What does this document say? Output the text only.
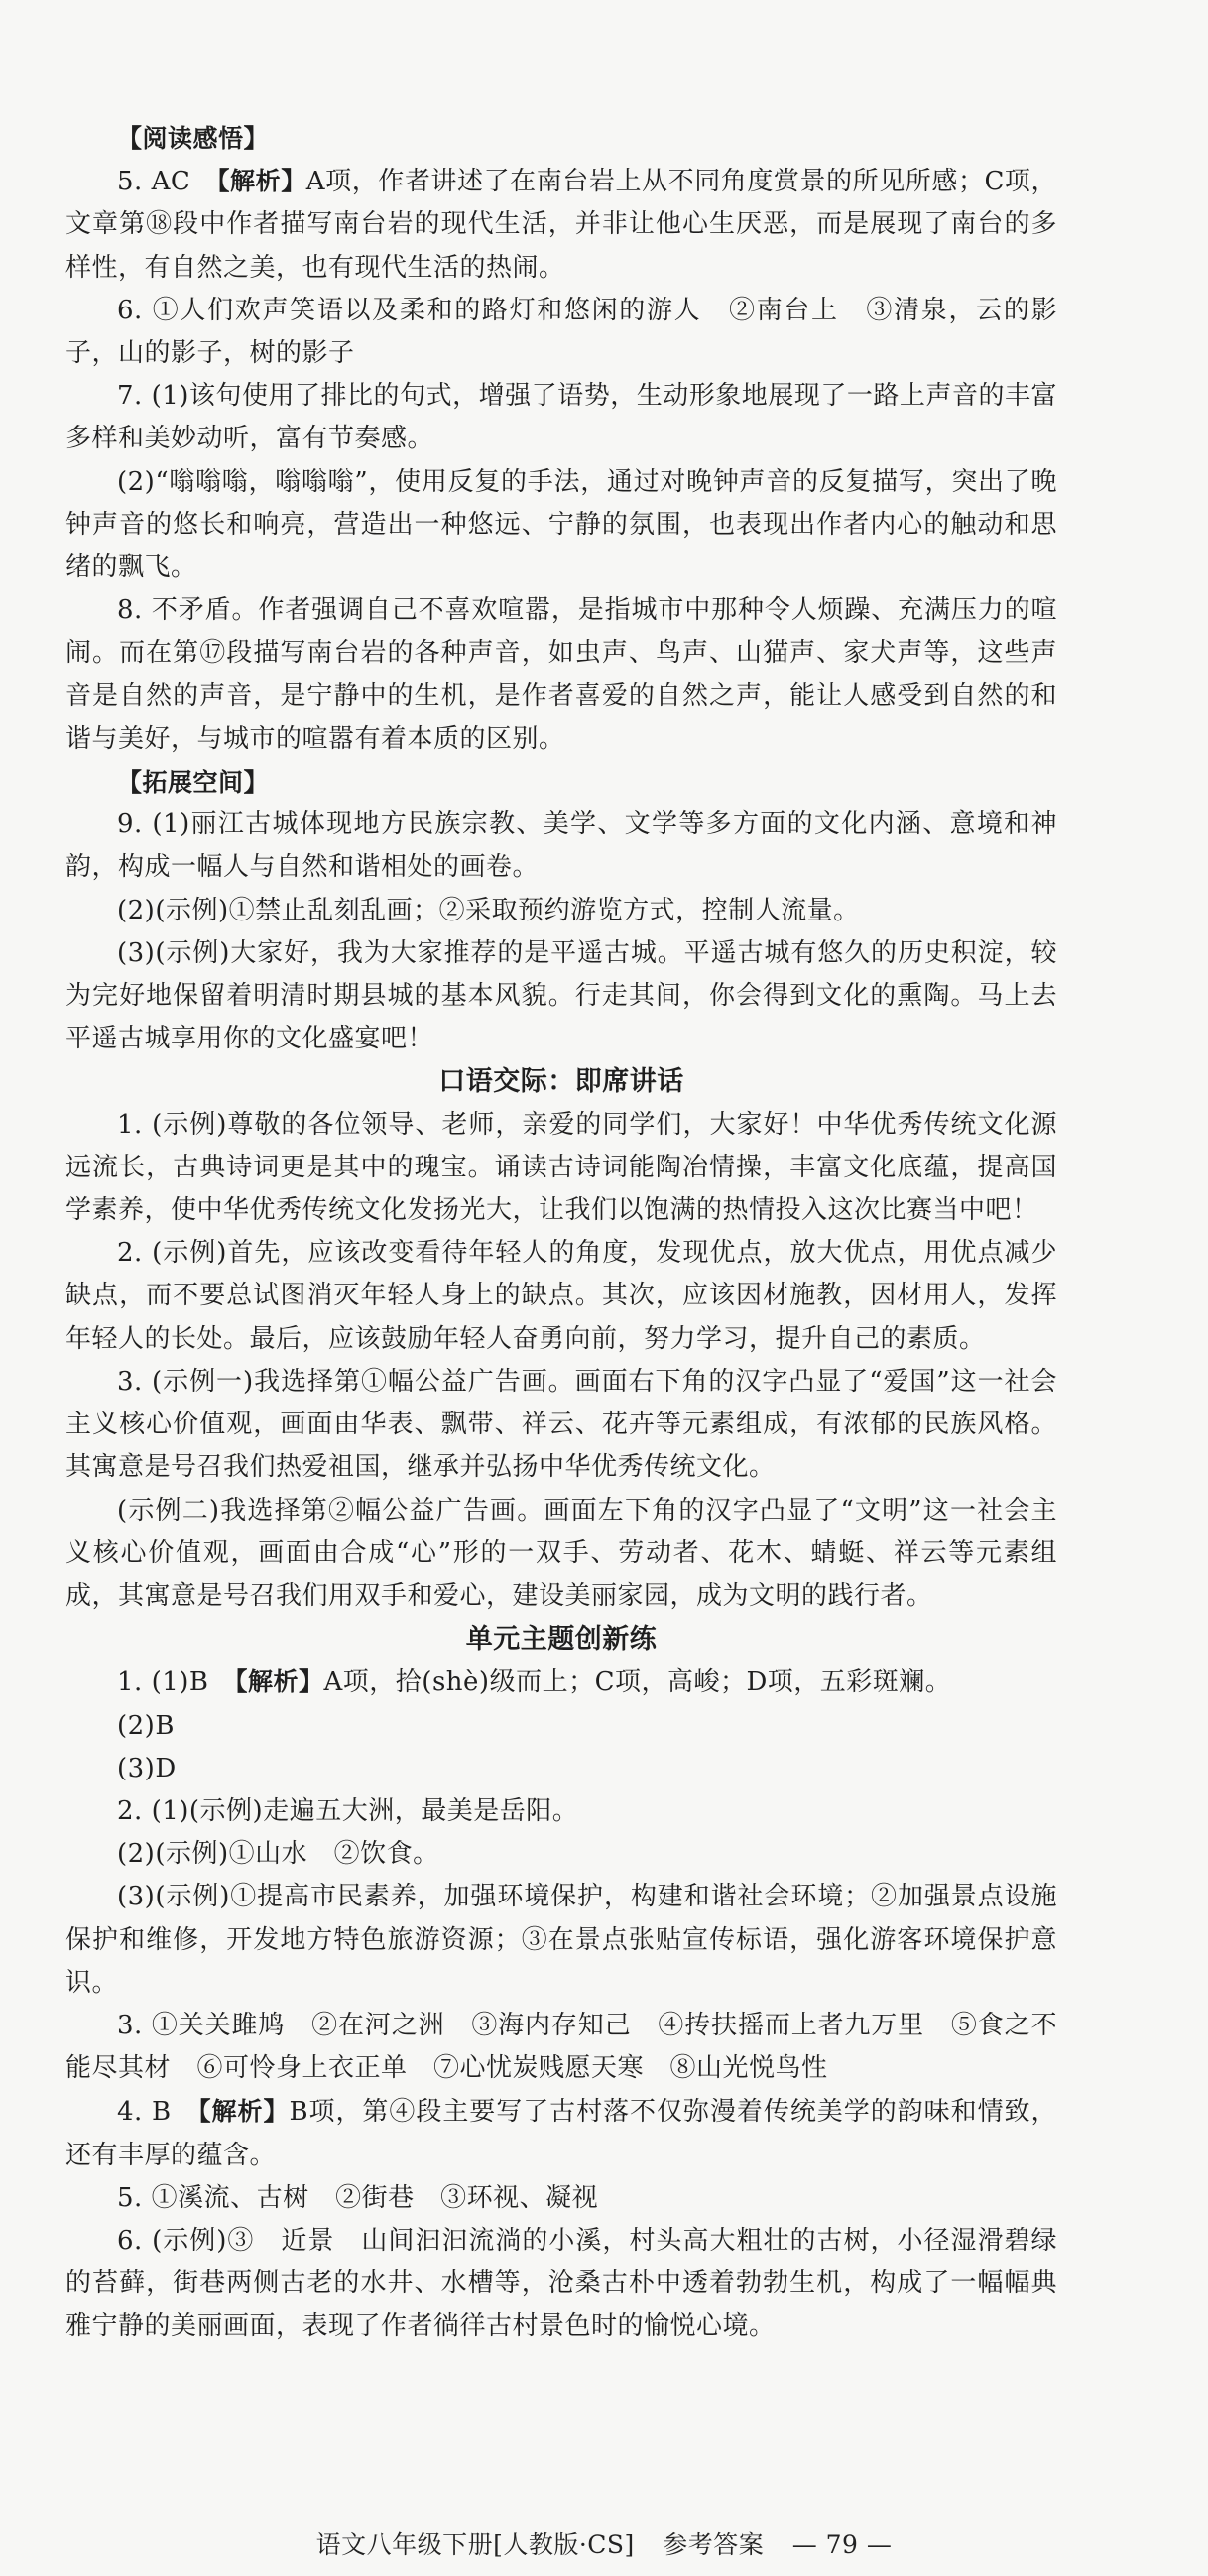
【阅读感悟】

5. AC　【解析】A项，作者讲述了在南台岩上从不同角度赏景的所见所感；C项，文章第⑱段中作者描写南台岩的现代生活，并非让他心生厌恶，而是展现了南台的多样性，有自然之美，也有现代生活的热闹。

6. ①人们欢声笑语以及柔和的路灯和悠闲的游人　②南台上　③清泉，云的影子，山的影子，树的影子

7. (1)该句使用了排比的句式，增强了语势，生动形象地展现了一路上声音的丰富多样和美妙动听，富有节奏感。

(2)“嗡嗡嗡，嗡嗡嗡”，使用反复的手法，通过对晚钟声音的反复描写，突出了晚钟声音的悠长和响亮，营造出一种悠远、宁静的氛围，也表现出作者内心的触动和思绪的飘飞。

8. 不矛盾。作者强调自己不喜欢喧嚣，是指城市中那种令人烦躁、充满压力的喧闹。而在第⑰段描写南台岩的各种声音，如虫声、鸟声、山猫声、家犬声等，这些声音是自然的声音，是宁静中的生机，是作者喜爱的自然之声，能让人感受到自然的和谐与美好，与城市的喧嚣有着本质的区别。

【拓展空间】

9. (1)丽江古城体现地方民族宗教、美学、文学等多方面的文化内涵、意境和神韵，构成一幅人与自然和谐相处的画卷。

(2)(示例)①禁止乱刻乱画；②采取预约游览方式，控制人流量。

(3)(示例)大家好，我为大家推荐的是平遥古城。平遥古城有悠久的历史积淀，较为完好地保留着明清时期县城的基本风貌。行走其间，你会得到文化的熏陶。马上去平遥古城享用你的文化盛宴吧！

口语交际：即席讲话

1. (示例)尊敬的各位领导、老师，亲爱的同学们，大家好！中华优秀传统文化源远流长，古典诗词更是其中的瑰宝。诵读古诗词能陶冶情操，丰富文化底蕴，提高国学素养，使中华优秀传统文化发扬光大，让我们以饱满的热情投入这次比赛当中吧！

2. (示例)首先，应该改变看待年轻人的角度，发现优点，放大优点，用优点减少缺点，而不要总试图消灭年轻人身上的缺点。其次，应该因材施教，因材用人，发挥年轻人的长处。最后，应该鼓励年轻人奋勇向前，努力学习，提升自己的素质。

3. (示例一)我选择第①幅公益广告画。画面右下角的汉字凸显了“爱国”这一社会主义核心价值观，画面由华表、飘带、祥云、花卉等元素组成，有浓郁的民族风格。其寓意是号召我们热爱祖国，继承并弘扬中华优秀传统文化。

(示例二)我选择第②幅公益广告画。画面左下角的汉字凸显了“文明”这一社会主义核心价值观，画面由合成“心”形的一双手、劳动者、花木、蜻蜓、祥云等元素组成，其寓意是号召我们用双手和爱心，建设美丽家园，成为文明的践行者。

单元主题创新练

1. (1)B　【解析】A项，拾(shè)级而上；C项，高峻；D项，五彩斑斓。

(2)B

(3)D

2. (1)(示例)走遍五大洲，最美是岳阳。

(2)(示例)①山水　②饮食。

(3)(示例)①提高市民素养，加强环境保护，构建和谐社会环境；②加强景点设施保护和维修，开发地方特色旅游资源；③在景点张贴宣传标语，强化游客环境保护意识。

3. ①关关雎鸠　②在河之洲　③海内存知己　④抟扶摇而上者九万里　⑤食之不能尽其材　⑥可怜身上衣正单　⑦心忧炭贱愿天寒　⑧山光悦鸟性

4. B　【解析】B项，第④段主要写了古村落不仅弥漫着传统美学的韵味和情致，还有丰厚的蕴含。

5. ①溪流、古树　②街巷　③环视、凝视

6. (示例)③　近景　山间汩汩流淌的小溪，村头高大粗壮的古树，小径湿滑碧绿的苔藓，街巷两侧古老的水井、水槽等，沧桑古朴中透着勃勃生机，构成了一幅幅典雅宁静的美丽画面，表现了作者徜徉古村景色时的愉悦心境。

语文八年级下册[人教版·CS] 参考答案 — 79 —
